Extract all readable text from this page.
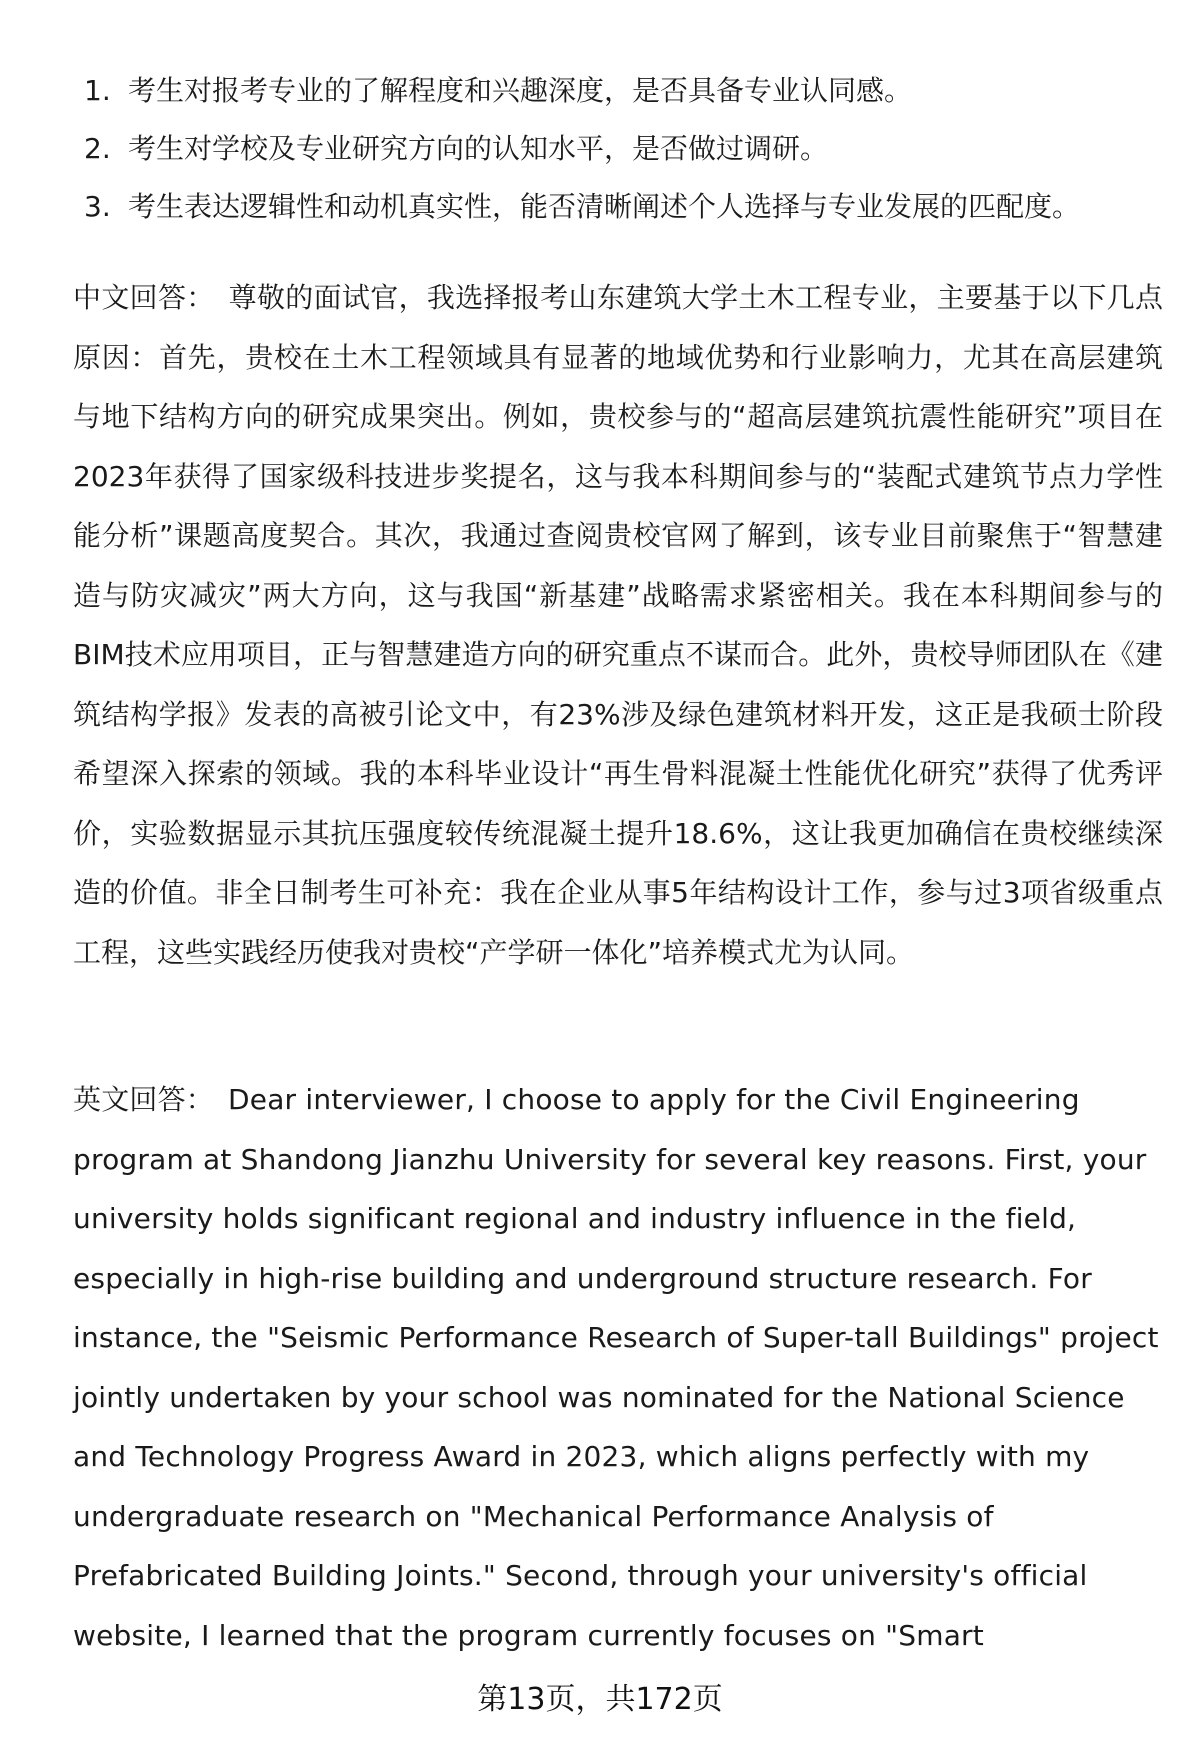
1. 考生对报考专业的了解程度和兴趣深度，是否具备专业认同感。
2. 考生对学校及专业研究方向的认知水平，是否做过调研。
3. 考生表达逻辑性和动机真实性，能否清晰阐述个人选择与专业发展的匹配度。

中文回答： 尊敬的面试官，我选择报考山东建筑大学土木工程专业，主要基于以下几点原因：首先，贵校在土木工程领域具有显著的地域优势和行业影响力，尤其在高层建筑与地下结构方向的研究成果突出。例如，贵校参与的“超高层建筑抗震性能研究”项目在2023年获得了国家级科技进步奖提名，这与我本科期间参与的“装配式建筑节点力学性能分析”课题高度契合。其次，我通过查阅贵校官网了解到，该专业目前聚焦于“智慧建造与防灾减灾”两大方向，这与我国“新基建”战略需求紧密相关。我在本科期间参与的BIM技术应用项目，正与智慧建造方向的研究重点不谋而合。此外，贵校导师团队在《建筑结构学报》发表的高被引论文中，有23%涉及绿色建筑材料开发，这正是我硕士阶段希望深入探索的领域。我的本科毕业设计“再生骨料混凝土性能优化研究”获得了优秀评价，实验数据显示其抗压强度较传统混凝土提升18.6%，这让我更加确信在贵校继续深造的价值。非全日制考生可补充：我在企业从事5年结构设计工作，参与过3项省级重点工程，这些实践经历使我对贵校“产学研一体化”培养模式尤为认同。

英文回答： Dear interviewer, I choose to apply for the Civil Engineering program at Shandong Jianzhu University for several key reasons. First, your university holds significant regional and industry influence in the field, especially in high-rise building and underground structure research. For instance, the "Seismic Performance Research of Super-tall Buildings" project jointly undertaken by your school was nominated for the National Science and Technology Progress Award in 2023, which aligns perfectly with my undergraduate research on "Mechanical Performance Analysis of Prefabricated Building Joints." Second, through your university's official website, I learned that the program currently focuses on "Smart

第13页，共172页
